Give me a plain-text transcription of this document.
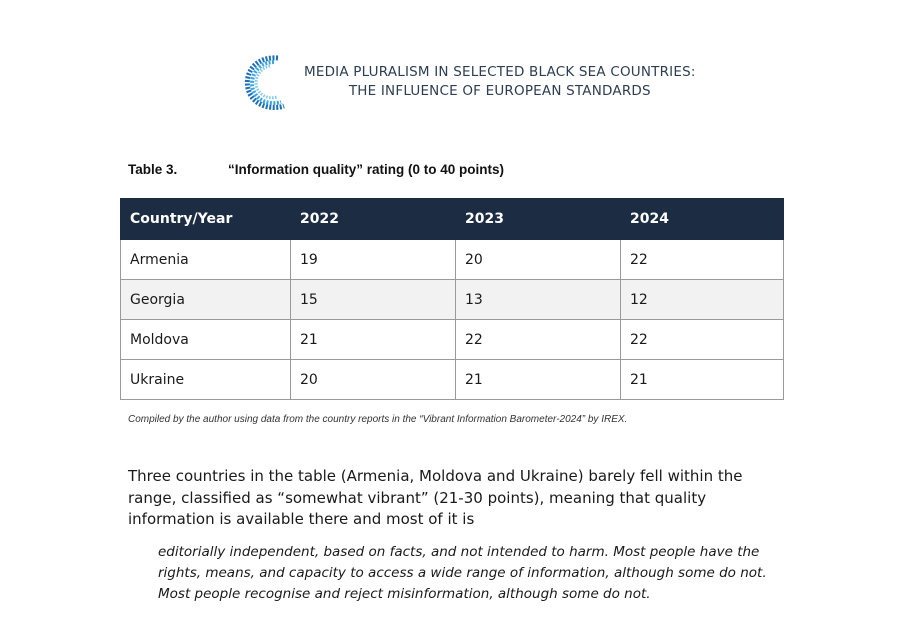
MEDIA PLURALISM IN SELECTED BLACK SEA COUNTRIES:
THE INFLUENCE OF EUROPEAN STANDARDS
Table 3.	“Information quality” rating (0 to 40 points)
Country/Year	2022	2023	2024
Armenia	19	20	22
Georgia	15	13	12
Moldova	21	22	22
Ukraine	20	21	21
Compiled by the author using data from the country reports in the “Vibrant Information Barometer-2024” by IREX.
Three countries in the table (Armenia, Moldova and Ukraine) barely fell within the range, classified as “somewhat vibrant” (21-30 points), meaning that quality information is available there and most of it is
editorially independent, based on facts, and not intended to harm. Most people have the rights, means, and capacity to access a wide range of information, although some do not. Most people recognise and reject misinformation, although some do not.
